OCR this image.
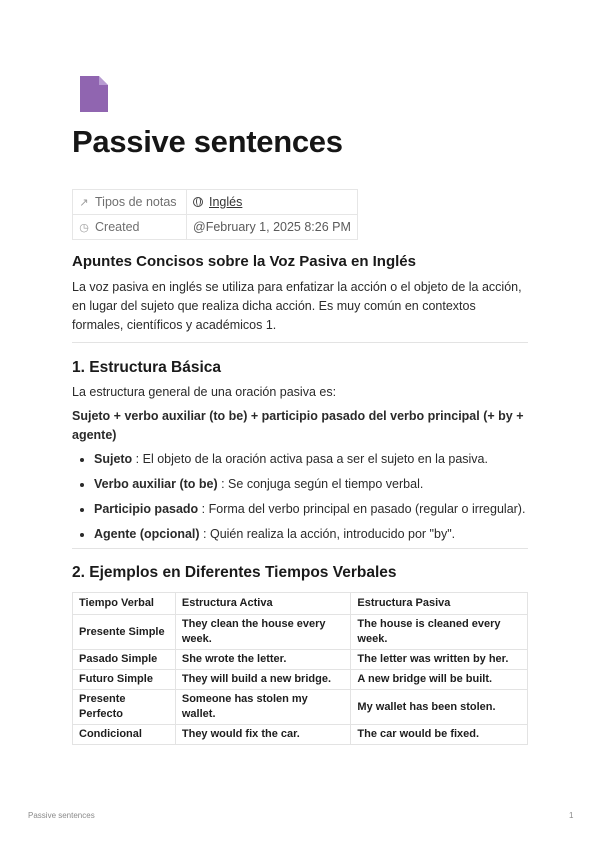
Passive sentences
↗ Tipos de notas	Inglés
◷ Created	@February 1, 2025 8:26 PM
Apuntes Concisos sobre la Voz Pasiva en Inglés

La voz pasiva en inglés se utiliza para enfatizar la acción o el objeto de la acción, en lugar del sujeto que realiza dicha acción. Es muy común en contextos formales, científicos y académicos 1.

1. Estructura Básica

La estructura general de una oración pasiva es:

Sujeto + verbo auxiliar (to be) + participio pasado del verbo principal (+ by + agente)

• Sujeto : El objeto de la oración activa pasa a ser el sujeto en la pasiva.
• Verbo auxiliar (to be) : Se conjuga según el tiempo verbal.
• Participio pasado : Forma del verbo principal en pasado (regular o irregular).
• Agente (opcional) : Quién realiza la acción, introducido por "by".
2. Ejemplos en Diferentes Tiempos Verbales
Tiempo Verbal	Estructura Activa	Estructura Pasiva
Presente Simple	They clean the house every week.	The house is cleaned every week.
Pasado Simple	She wrote the letter.	The letter was written by her.
Futuro Simple	They will build a new bridge.	A new bridge will be built.
Presente Perfecto	Someone has stolen my wallet.	My wallet has been stolen.
Condicional	They would fix the car.	The car would be fixed.
Passive sentences	1
